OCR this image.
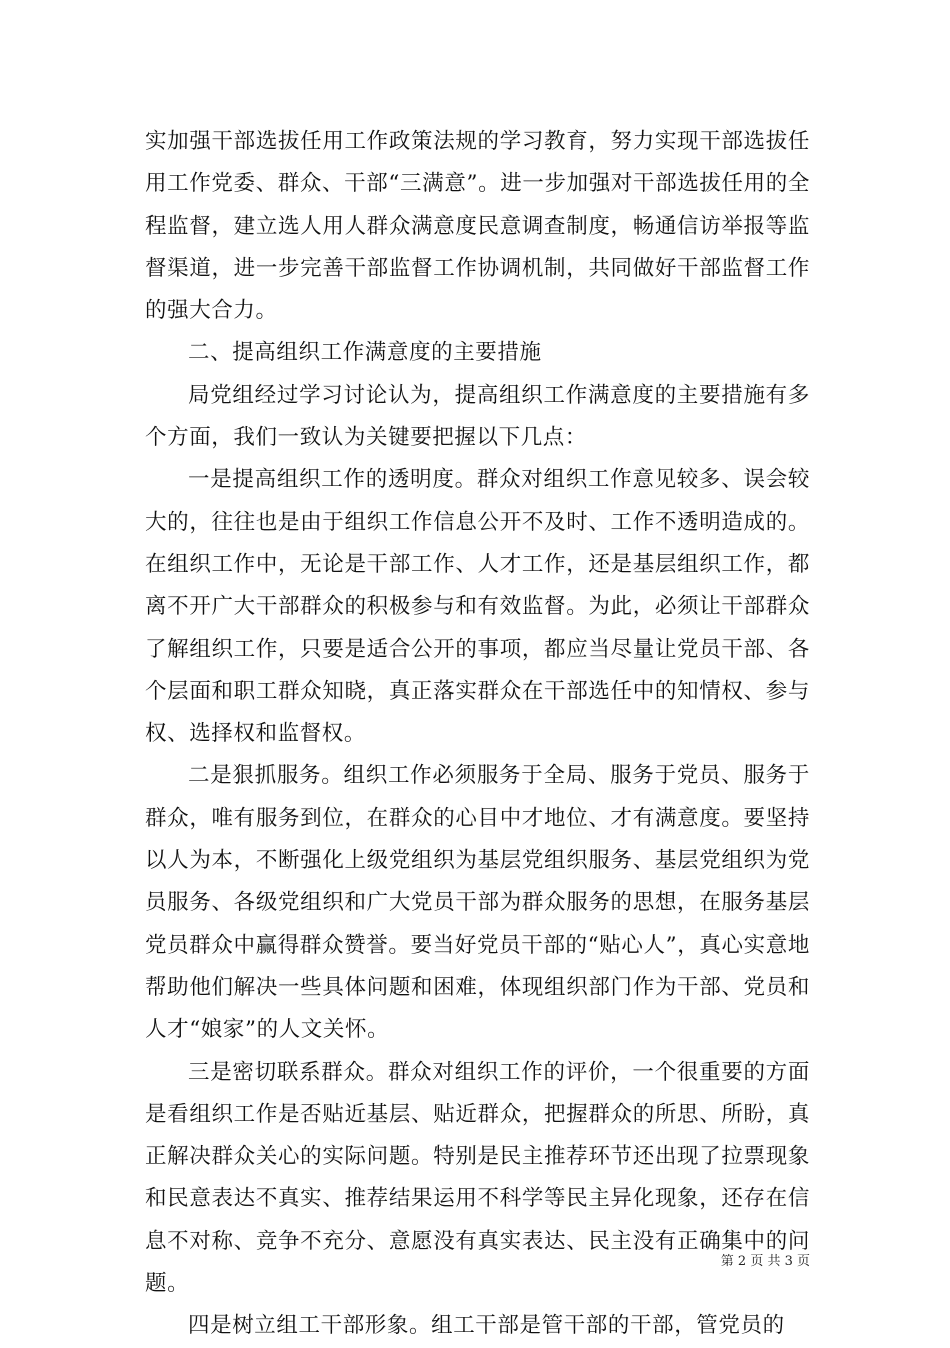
实加强干部选拔任用工作政策法规的学习教育，努力实现干部选拔任用工作党委、群众、干部“三满意”。进一步加强对干部选拔任用的全程监督，建立选人用人群众满意度民意调查制度，畅通信访举报等监督渠道，进一步完善干部监督工作协调机制，共同做好干部监督工作的强大合力。

二、提高组织工作满意度的主要措施

局党组经过学习讨论认为，提高组织工作满意度的主要措施有多个方面，我们一致认为关键要把握以下几点：

一是提高组织工作的透明度。群众对组织工作意见较多、误会较大的，往往也是由于组织工作信息公开不及时、工作不透明造成的。在组织工作中，无论是干部工作、人才工作，还是基层组织工作，都离不开广大干部群众的积极参与和有效监督。为此，必须让干部群众了解组织工作，只要是适合公开的事项，都应当尽量让党员干部、各个层面和职工群众知晓，真正落实群众在干部选任中的知情权、参与权、选择权和监督权。

二是狠抓服务。组织工作必须服务于全局、服务于党员、服务于群众，唯有服务到位，在群众的心目中才地位、才有满意度。要坚持以人为本，不断强化上级党组织为基层党组织服务、基层党组织为党员服务、各级党组织和广大党员干部为群众服务的思想，在服务基层党员群众中赢得群众赞誉。要当好党员干部的“贴心人”，真心实意地帮助他们解决一些具体问题和困难，体现组织部门作为干部、党员和人才“娘家”的人文关怀。

三是密切联系群众。群众对组织工作的评价，一个很重要的方面是看组织工作是否贴近基层、贴近群众，把握群众的所思、所盼，真正解决群众关心的实际问题。特别是民主推荐环节还出现了拉票现象和民意表达不真实、推荐结果运用不科学等民主异化现象，还存在信息不对称、竞争不充分、意愿没有真实表达、民主没有正确集中的问题。

四是树立组工干部形象。组工干部是管干部的干部，管党员的

第 2 页 共 3 页
